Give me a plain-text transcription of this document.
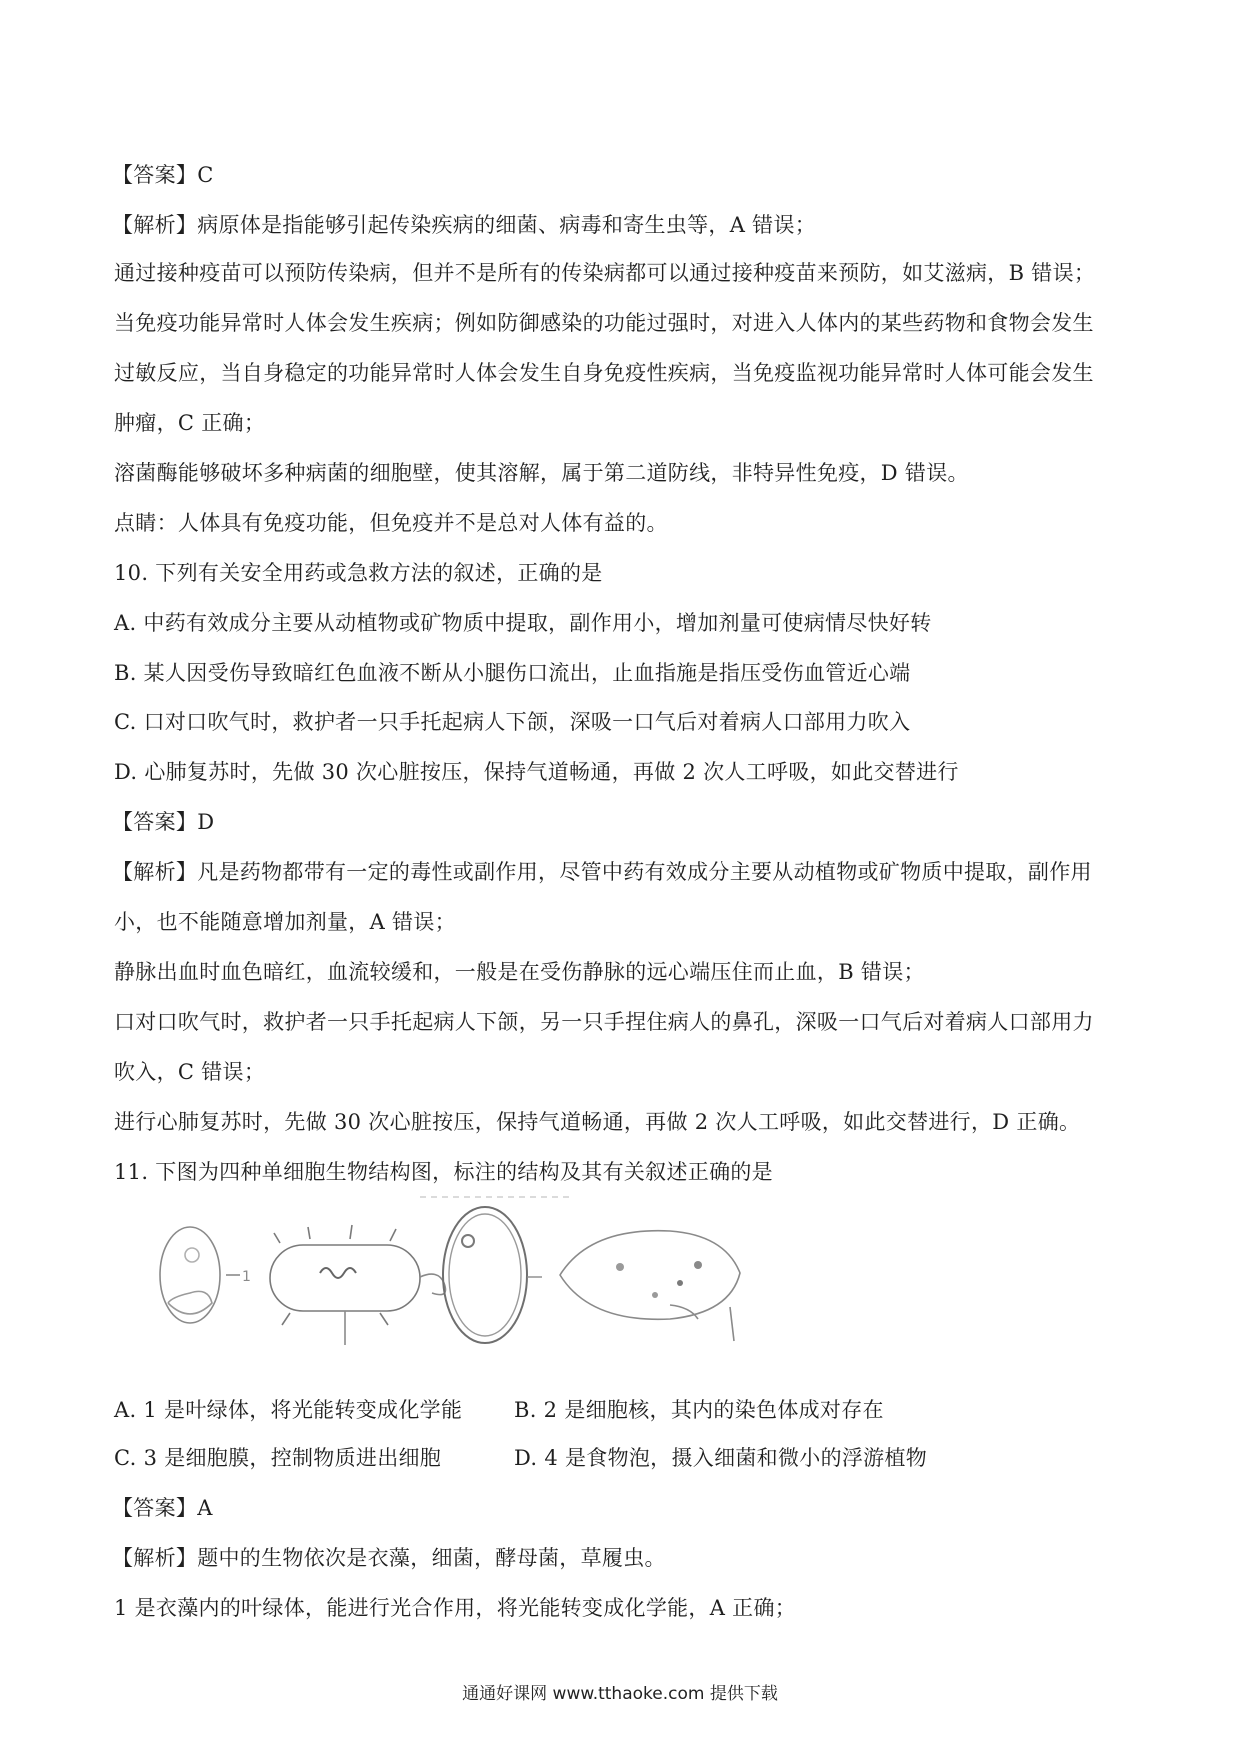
【答案】C
【解析】病原体是指能够引起传染疾病的细菌、病毒和寄生虫等，A 错误；
通过接种疫苗可以预防传染病，但并不是所有的传染病都可以通过接种疫苗来预防，如艾滋病，B 错误；
当免疫功能异常时人体会发生疾病；例如防御感染的功能过强时，对进入人体内的某些药物和食物会发生
过敏反应，当自身稳定的功能异常时人体会发生自身免疫性疾病，当免疫监视功能异常时人体可能会发生
肿瘤，C 正确；
溶菌酶能够破坏多种病菌的细胞壁，使其溶解，属于第二道防线，非特异性免疫，D 错误。
点睛：人体具有免疫功能，但免疫并不是总对人体有益的。
10. 下列有关安全用药或急救方法的叙述，正确的是
A. 中药有效成分主要从动植物或矿物质中提取，副作用小，增加剂量可使病情尽快好转
B. 某人因受伤导致暗红色血液不断从小腿伤口流出，止血指施是指压受伤血管近心端
C. 口对口吹气时，救护者一只手托起病人下颌，深吸一口气后对着病人口部用力吹入
D. 心肺复苏时，先做 30 次心脏按压，保持气道畅通，再做 2 次人工呼吸，如此交替进行
【答案】D
【解析】凡是药物都带有一定的毒性或副作用，尽管中药有效成分主要从动植物或矿物质中提取，副作用
小，也不能随意增加剂量，A 错误；
静脉出血时血色暗红，血流较缓和，一般是在受伤静脉的远心端压住而止血，B 错误；
口对口吹气时，救护者一只手托起病人下颌，另一只手捏住病人的鼻孔，深吸一口气后对着病人口部用力
吹入，C 错误；
进行心肺复苏时，先做 30 次心脏按压，保持气道畅通，再做 2 次人工呼吸，如此交替进行，D 正确。
11. 下图为四种单细胞生物结构图，标注的结构及其有关叙述正确的是
1
A. 1 是叶绿体，将光能转变成化学能 B. 2 是细胞核，其内的染色体成对存在
C. 3 是细胞膜，控制物质进出细胞	D. 4 是食物泡，摄入细菌和微小的浮游植物
【答案】A
【解析】题中的生物依次是衣藻，细菌，酵母菌，草履虫。
1 是衣藻内的叶绿体，能进行光合作用，将光能转变成化学能，A 正确；
通通好课网 www.tthaoke.com 提供下载
